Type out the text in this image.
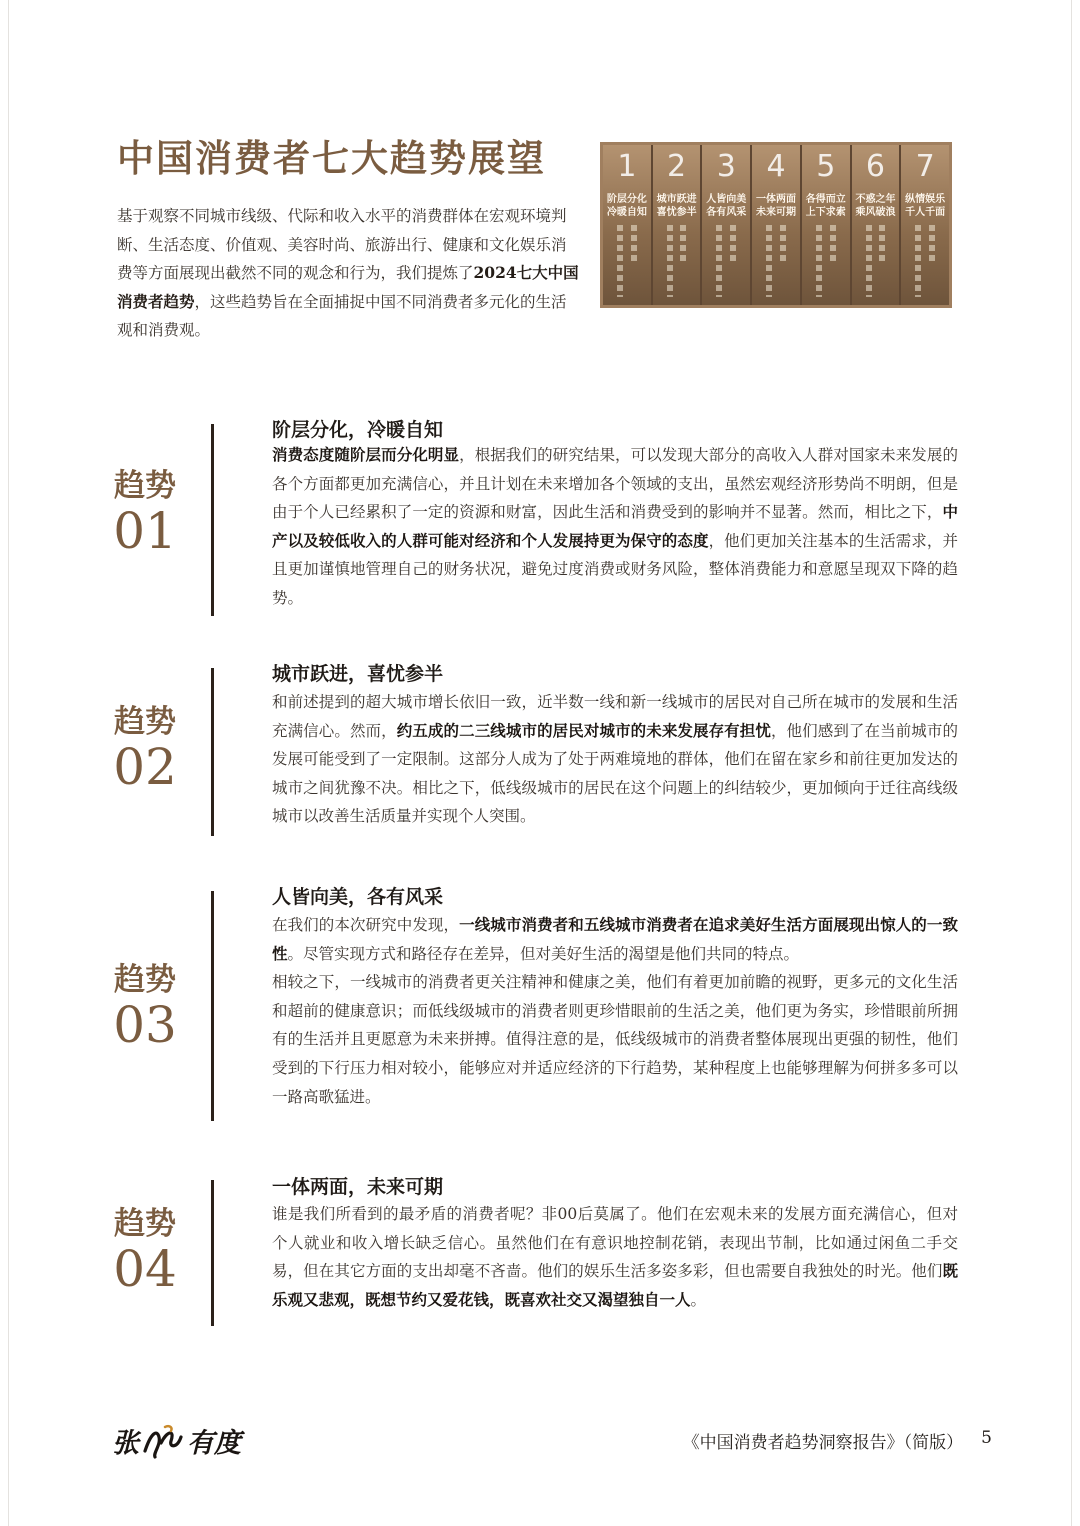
中国消费者七大趋势展望

基于观察不同城市线级、代际和收入水平的消费群体在宏观环境判断、生活态度、价值观、美容时尚、旅游出行、健康和文化娱乐消费等方面展现出截然不同的观念和行为，我们提炼了2024七大中国消费者趋势，这些趋势旨在全面捕捉中国不同消费者多元化的生活观和消费观。

1
阶层分化
冷暖自知
2
城市跃进
喜忧参半
3
人皆向美
各有风采
4
一体两面
未来可期
5
各得而立
上下求索
6
不惑之年
乘风破浪
7
纵情娱乐
千人千面
趋势
01
阶层分化，冷暖自知

消费态度随阶层而分化明显，根据我们的研究结果，可以发现大部分的高收入人群对国家未来发展的各个方面都更加充满信心，并且计划在未来增加各个领域的支出，虽然宏观经济形势尚不明朗，但是由于个人已经累积了一定的资源和财富，因此生活和消费受到的影响并不显著。然而，相比之下，中产以及较低收入的人群可能对经济和个人发展持更为保守的态度，他们更加关注基本的生活需求，并且更加谨慎地管理自己的财务状况，避免过度消费或财务风险，整体消费能力和意愿呈现双下降的趋势。

趋势
02
城市跃进，喜忧参半

和前述提到的超大城市增长依旧一致，近半数一线和新一线城市的居民对自己所在城市的发展和生活充满信心。然而，约五成的二三线城市的居民对城市的未来发展存有担忧，他们感到了在当前城市的发展可能受到了一定限制。这部分人成为了处于两难境地的群体，他们在留在家乡和前往更加发达的城市之间犹豫不决。相比之下，低线级城市的居民在这个问题上的纠结较少，更加倾向于迁往高线级城市以改善生活质量并实现个人突围。

趋势
03
人皆向美，各有风采

在我们的本次研究中发现，一线城市消费者和五线城市消费者在追求美好生活方面展现出惊人的一致性。尽管实现方式和路径存在差异，但对美好生活的渴望是他们共同的特点。

相较之下，一线城市的消费者更关注精神和健康之美，他们有着更加前瞻的视野，更多元的文化生活和超前的健康意识；而低线级城市的消费者则更珍惜眼前的生活之美，他们更为务实，珍惜眼前所拥有的生活并且更愿意为未来拼搏。值得注意的是，低线级城市的消费者整体展现出更强的韧性，他们受到的下行压力相对较小，能够应对并适应经济的下行趋势，某种程度上也能够理解为何拼多多可以一路高歌猛进。

趋势
04
一体两面，未来可期

谁是我们所看到的最矛盾的消费者呢？非00后莫属了。他们在宏观未来的发展方面充满信心，但对个人就业和收入增长缺乏信心。虽然他们在有意识地控制花销，表现出节制，比如通过闲鱼二手交易，但在其它方面的支出却毫不吝啬。他们的娱乐生活多姿多彩，但也需要自我独处的时光。他们既乐观又悲观，既想节约又爱花钱，既喜欢社交又渴望独自一人。

张 有度	《中国消费者趋势洞察报告》（简版） 5
